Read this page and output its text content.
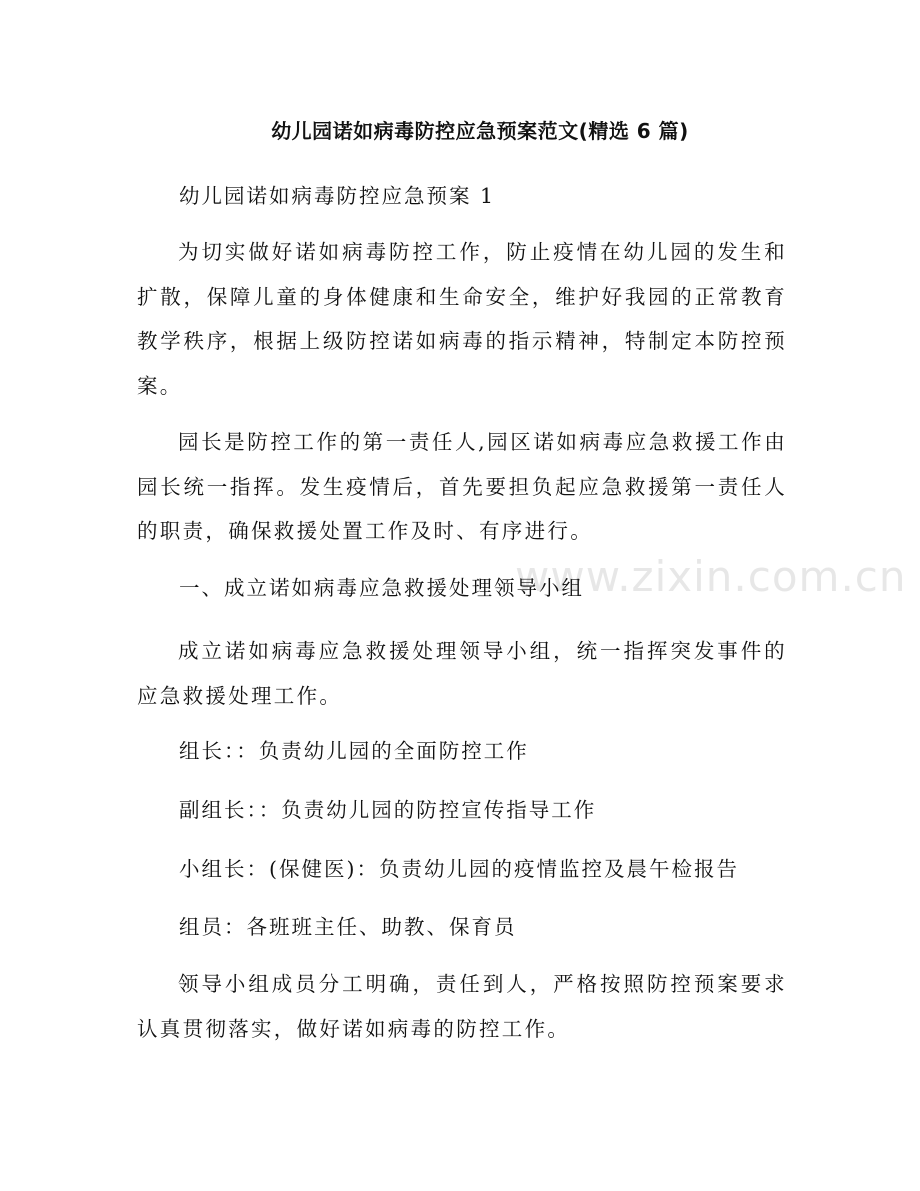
www.zixin.com.cn
幼儿园诺如病毒防控应急预案范文(精选 6 篇)
幼儿园诺如病毒防控应急预案 1

为切实做好诺如病毒防控工作，防止疫情在幼儿园的发生和扩散，保障儿童的身体健康和生命安全，维护好我园的正常教育教学秩序，根据上级防控诺如病毒的指示精神，特制定本防控预案。

园长是防控工作的第一责任人,园区诺如病毒应急救援工作由园长统一指挥。发生疫情后，首先要担负起应急救援第一责任人的职责，确保救援处置工作及时、有序进行。

一、成立诺如病毒应急救援处理领导小组

成立诺如病毒应急救援处理领导小组，统一指挥突发事件的应急救援处理工作。

组长：：负责幼儿园的全面防控工作
副组长：：负责幼儿园的防控宣传指导工作
小组长：(保健医)：负责幼儿园的疫情监控及晨午检报告
组员：各班班主任、助教、保育员

领导小组成员分工明确，责任到人，严格按照防控预案要求认真贯彻落实，做好诺如病毒的防控工作。
